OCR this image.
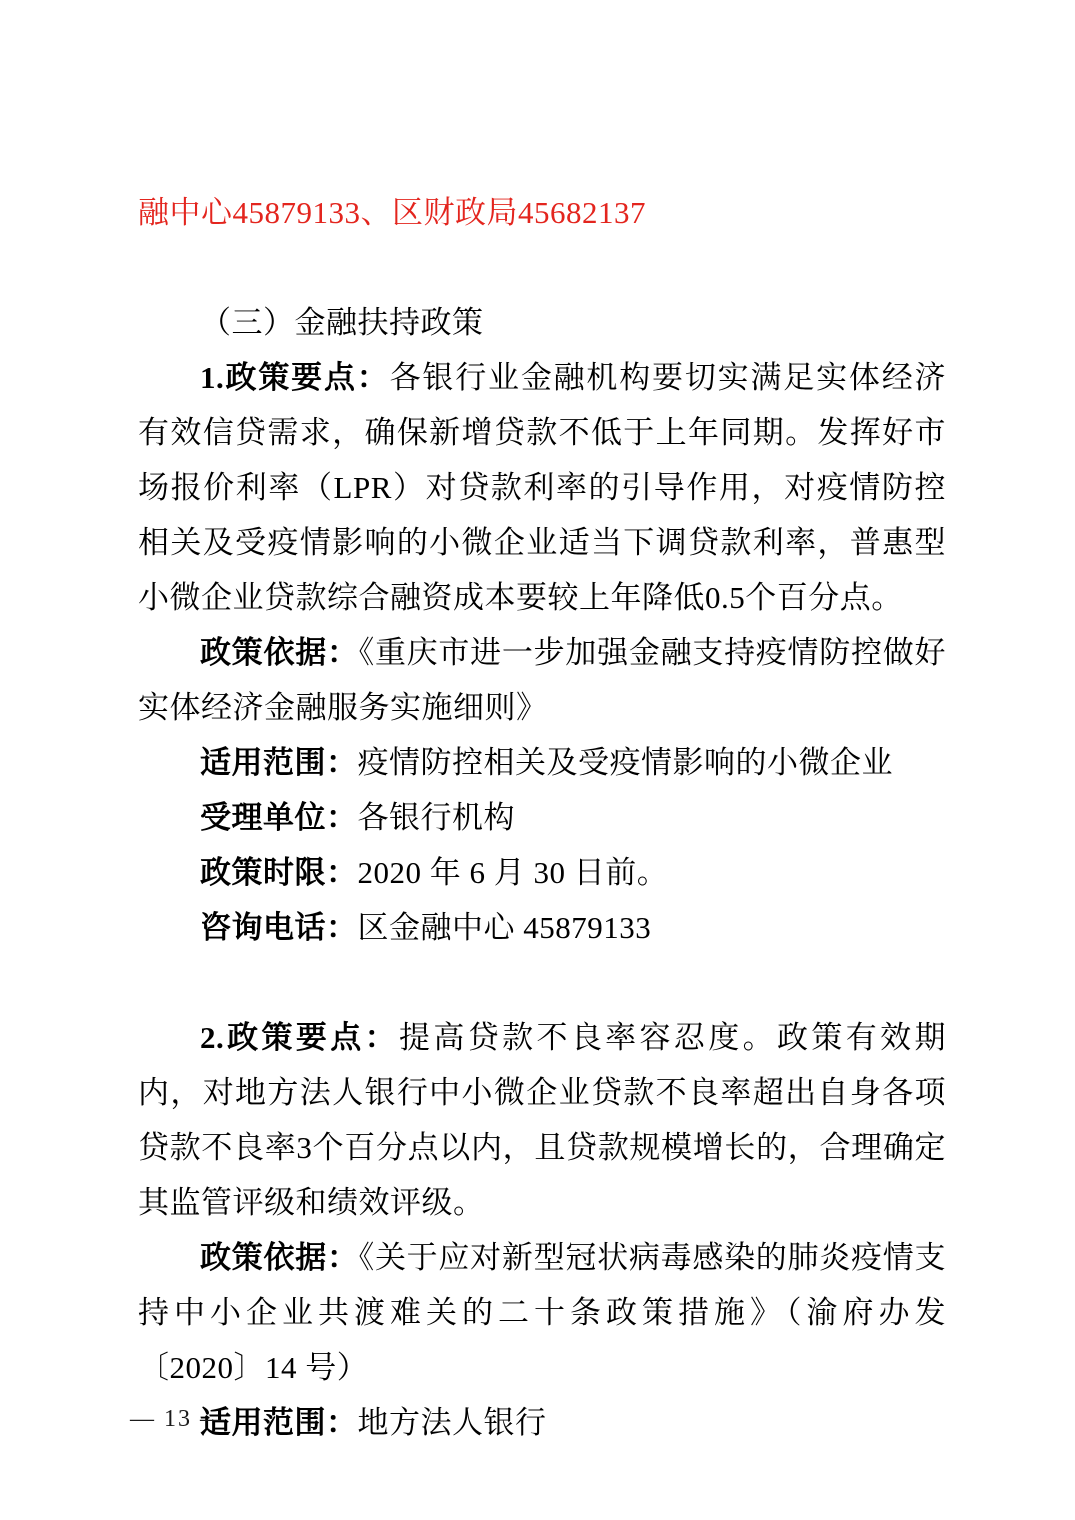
融中心45879133、区财政局45682137

（三）金融扶持政策

1.政策要点：各银行业金融机构要切实满足实体经济有效信贷需求，确保新增贷款不低于上年同期。发挥好市场报价利率（LPR）对贷款利率的引导作用，对疫情防控相关及受疫情影响的小微企业适当下调贷款利率，普惠型小微企业贷款综合融资成本要较上年降低0.5个百分点。

政策依据：《重庆市进一步加强金融支持疫情防控做好实体经济金融服务实施细则》

适用范围：疫情防控相关及受疫情影响的小微企业

受理单位：各银行机构

政策时限：2020 年 6 月 30 日前。

咨询电话：区金融中心 45879133

2.政策要点：提高贷款不良率容忍度。政策有效期内，对地方法人银行中小微企业贷款不良率超出自身各项贷款不良率3个百分点以内，且贷款规模增长的，合理确定其监管评级和绩效评级。

政策依据：《关于应对新型冠状病毒感染的肺炎疫情支持中小企业共渡难关的二十条政策措施》（渝府办发〔2020〕14 号）

适用范围：地方法人银行

— 13 —
